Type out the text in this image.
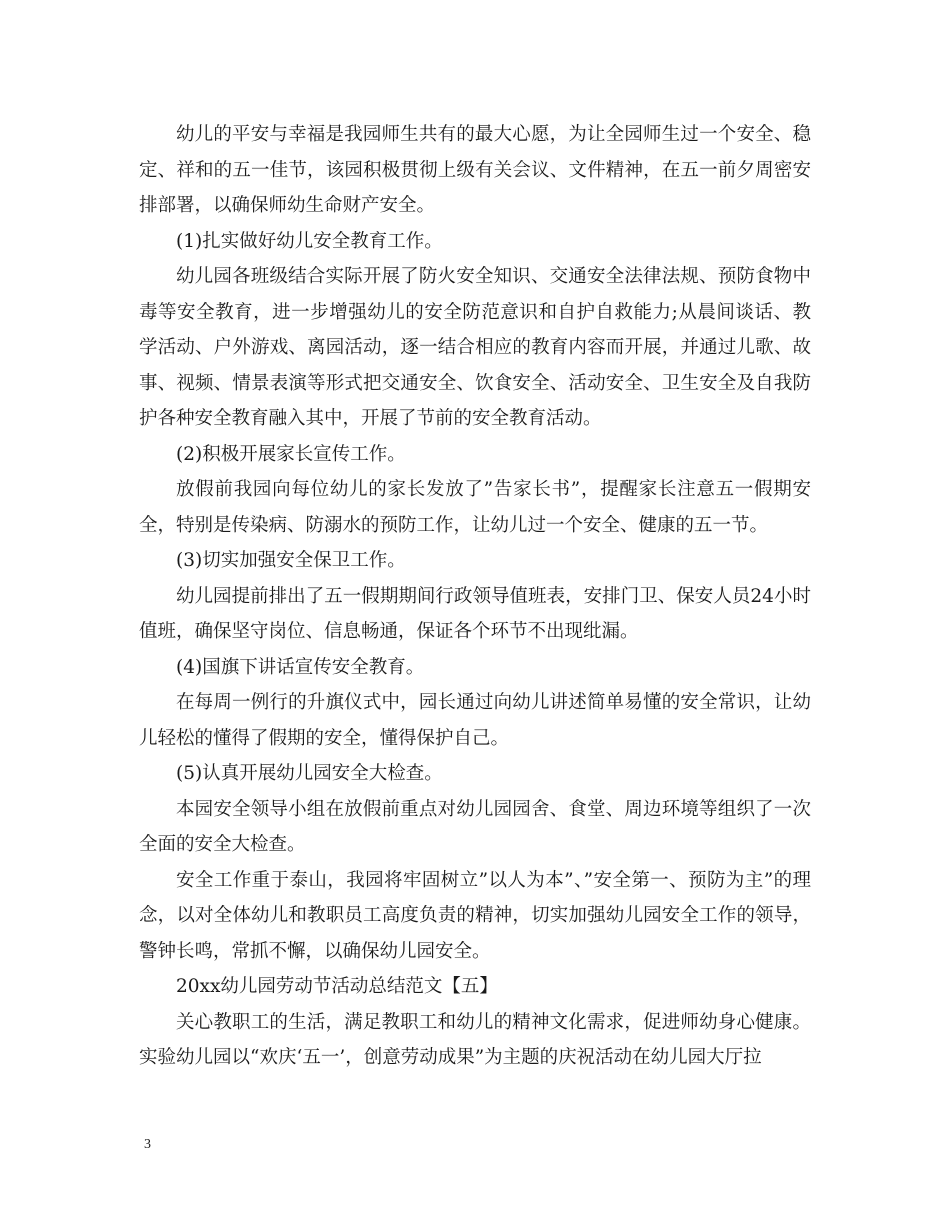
幼儿的平安与幸福是我园师生共有的最大心愿，为让全园师生过一个安全、稳定、祥和的五一佳节，该园积极贯彻上级有关会议、文件精神，在五一前夕周密安排部署，以确保师幼生命财产安全。

(1)扎实做好幼儿安全教育工作。

幼儿园各班级结合实际开展了防火安全知识、交通安全法律法规、预防食物中毒等安全教育，进一步增强幼儿的安全防范意识和自护自救能力;从晨间谈话、教学活动、户外游戏、离园活动，逐一结合相应的教育内容而开展，并通过儿歌、故事、视频、情景表演等形式把交通安全、饮食安全、活动安全、卫生安全及自我防护各种安全教育融入其中，开展了节前的安全教育活动。

(2)积极开展家长宣传工作。

放假前我园向每位幼儿的家长发放了”告家长书”，提醒家长注意五一假期安全，特别是传染病、防溺水的预防工作，让幼儿过一个安全、健康的五一节。

(3)切实加强安全保卫工作。

幼儿园提前排出了五一假期期间行政领导值班表，安排门卫、保安人员24小时值班，确保坚守岗位、信息畅通，保证各个环节不出现纰漏。

(4)国旗下讲话宣传安全教育。

在每周一例行的升旗仪式中，园长通过向幼儿讲述简单易懂的安全常识，让幼儿轻松的懂得了假期的安全，懂得保护自己。

(5)认真开展幼儿园安全大检查。

本园安全领导小组在放假前重点对幼儿园园舍、食堂、周边环境等组织了一次全面的安全大检查。

安全工作重于泰山，我园将牢固树立”以人为本”、”安全第一、预防为主”的理念，以对全体幼儿和教职员工高度负责的精神，切实加强幼儿园安全工作的领导，警钟长鸣，常抓不懈，以确保幼儿园安全。

20xx幼儿园劳动节活动总结范文【五】

关心教职工的生活，满足教职工和幼儿的精神文化需求，促进师幼身心健康。实验幼儿园以“欢庆‘五一’，创意劳动成果”为主题的庆祝活动在幼儿园大厅拉

3
